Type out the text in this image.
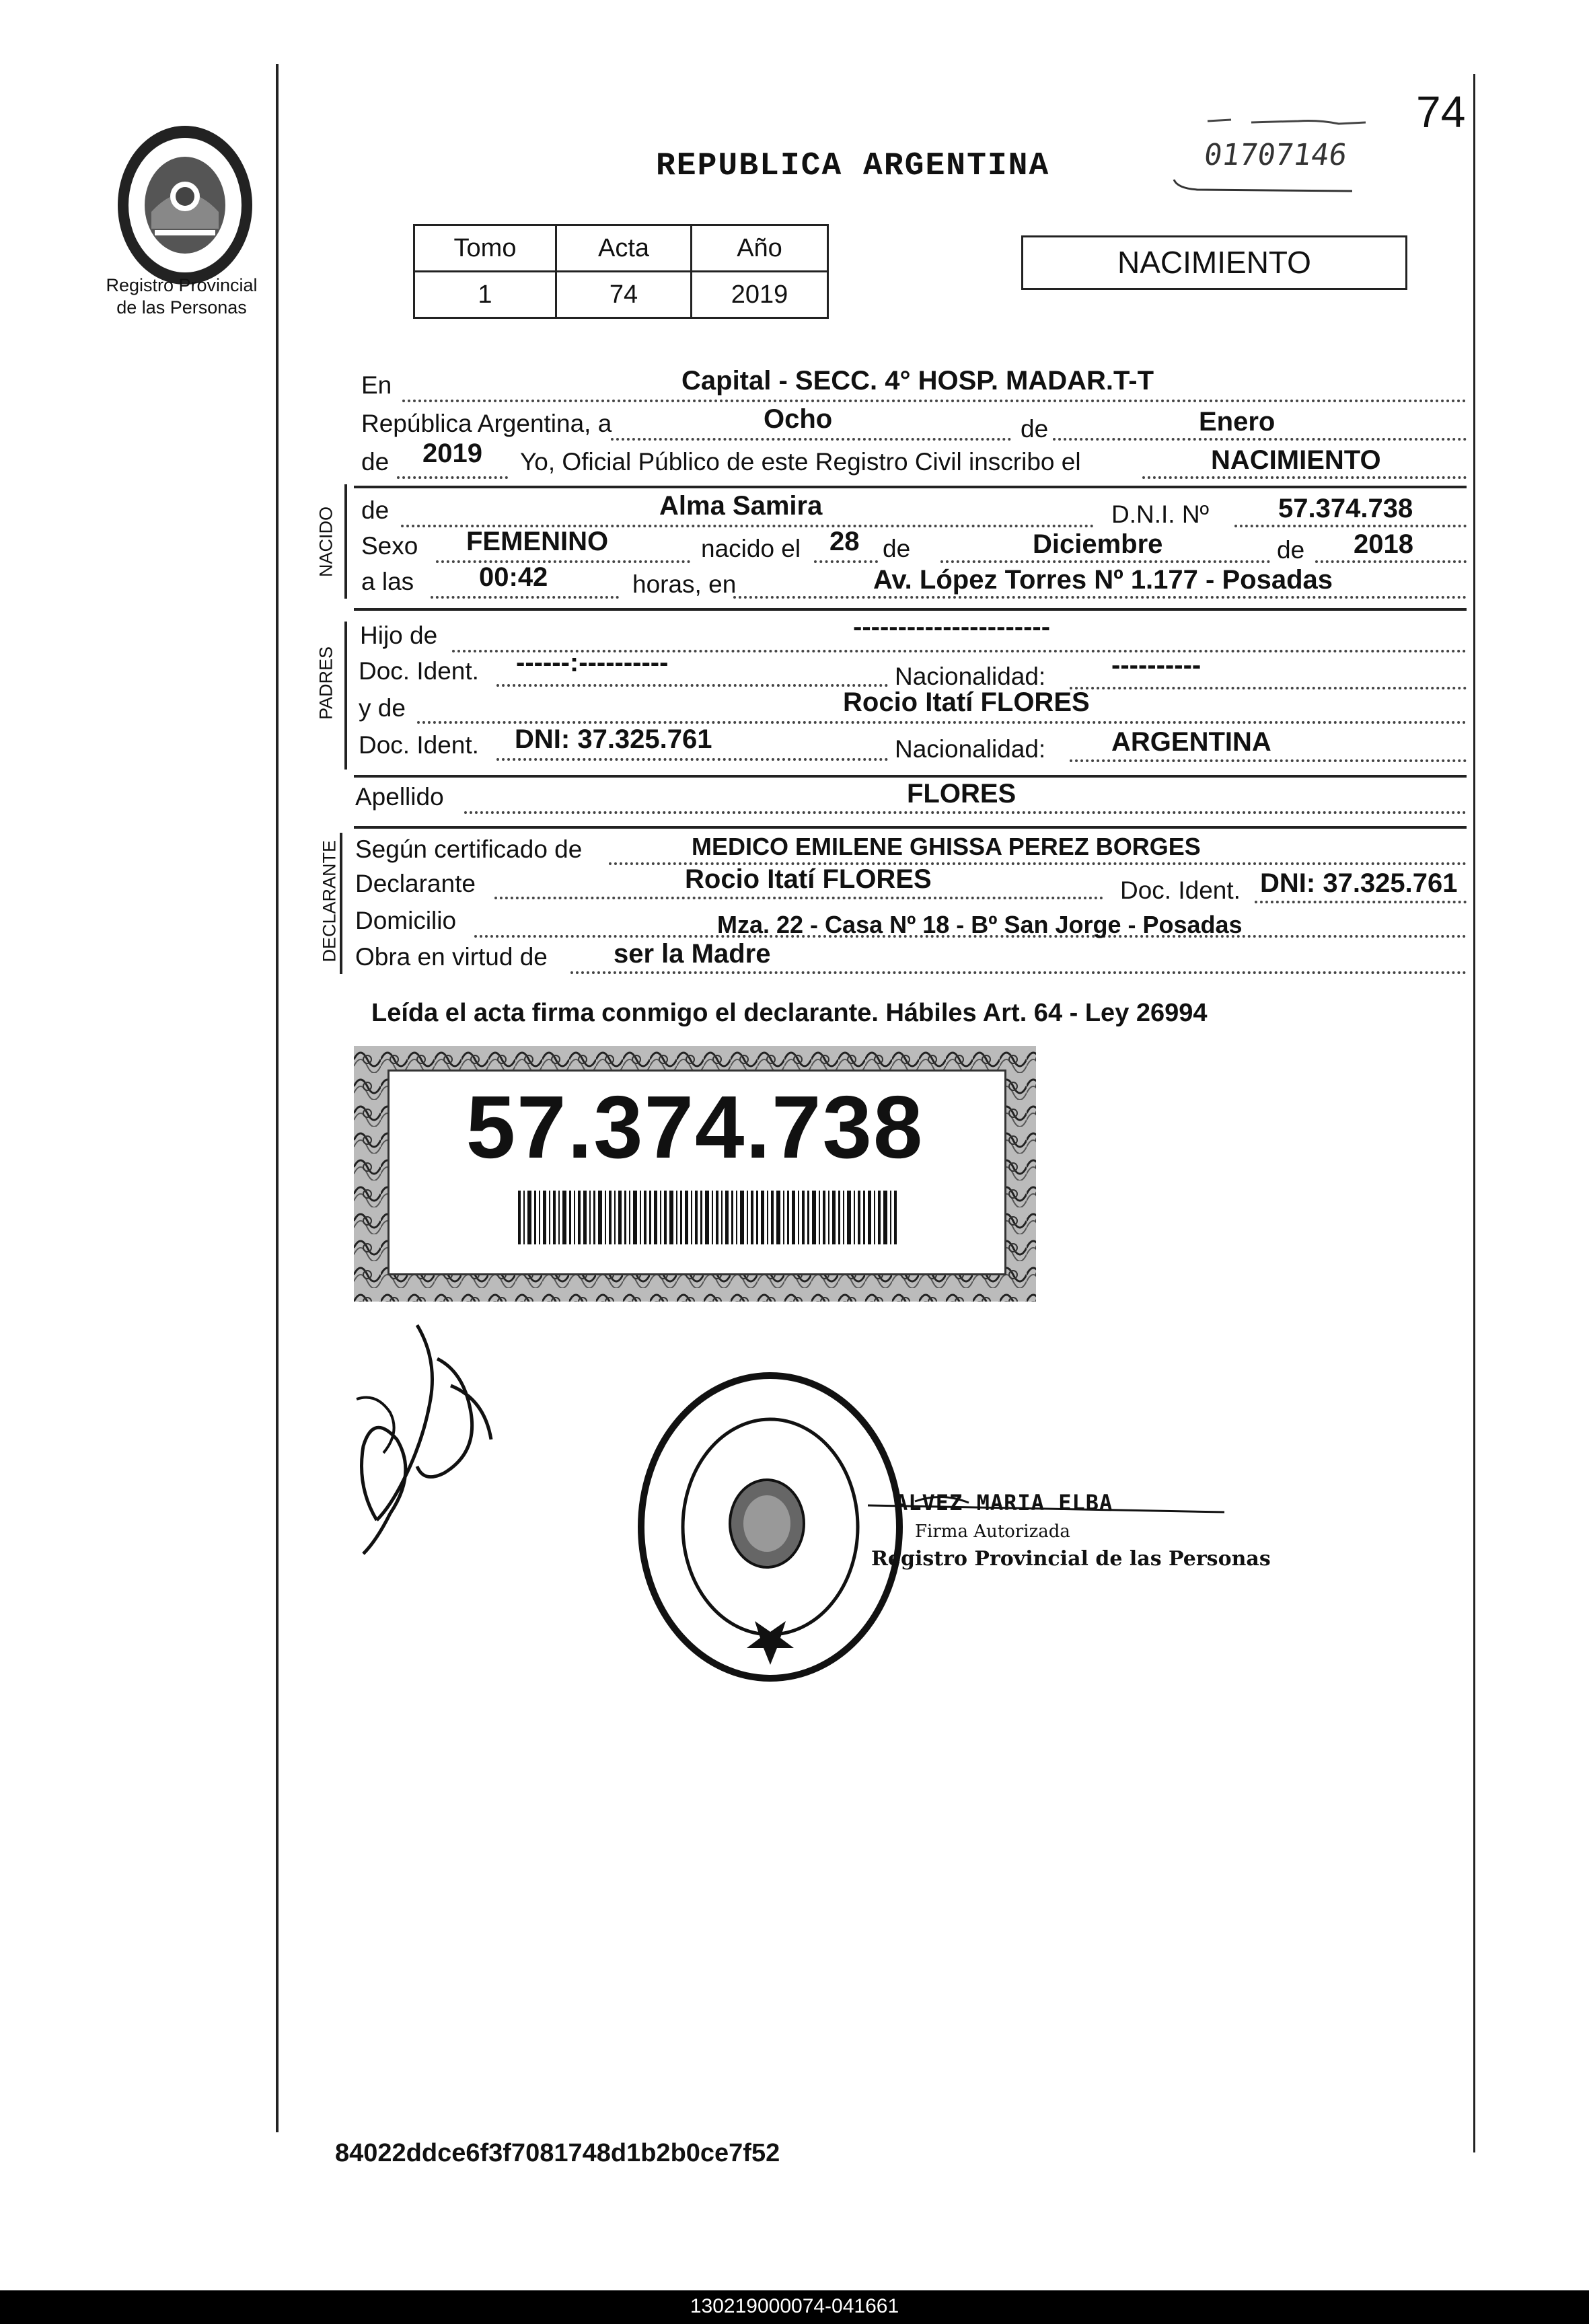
74
Registro Provincial
de las Personas
REPUBLICA ARGENTINA	01707146
Tomo	Acta	Año
1	74	2019
NACIMIENTO
En	Capital - SECC. 4° HOSP. MADAR.T-T
República Argentina, a	Ocho	de	Enero
de 2019 Yo, Oficial Público de este Registro Civil inscribo el	NACIMIENTO
NACIDO de	Alma Samira	D.N.I. Nº	57.374.738
Sexo FEMENINO	nacido el 28 de	Diciembre	de 2018
a las 00:42	horas, en	Av. López Torres Nº 1.177 - Posadas
PADRES
Hijo de	----------------------
Doc. Ident. ------:----------	Nacionalidad: ----------
y de	Rocio Itatí FLORES
Doc. Ident. DNI: 37.325.761	Nacionalidad: ARGENTINA
Apellido	FLORES
DECLARANTE Según certificado de	MEDICO EMILENE GHISSA PEREZ BORGES
Declarante	Rocio Itatí FLORES	Doc. Ident. DNI: 37.325.761
Domicilio	Mza. 22 - Casa Nº 18 - Bº San Jorge - Posadas
Obra en virtud de ser la Madre
Leída el acta firma conmigo el declarante. Hábiles Art. 64 - Ley 26994
57.374.738
ALVEZ MARIA ELBA
Firma Autorizada
Registro Provincial de las Personas
84022ddce6f3f7081748d1b2b0ce7f52
130219000074-041661
